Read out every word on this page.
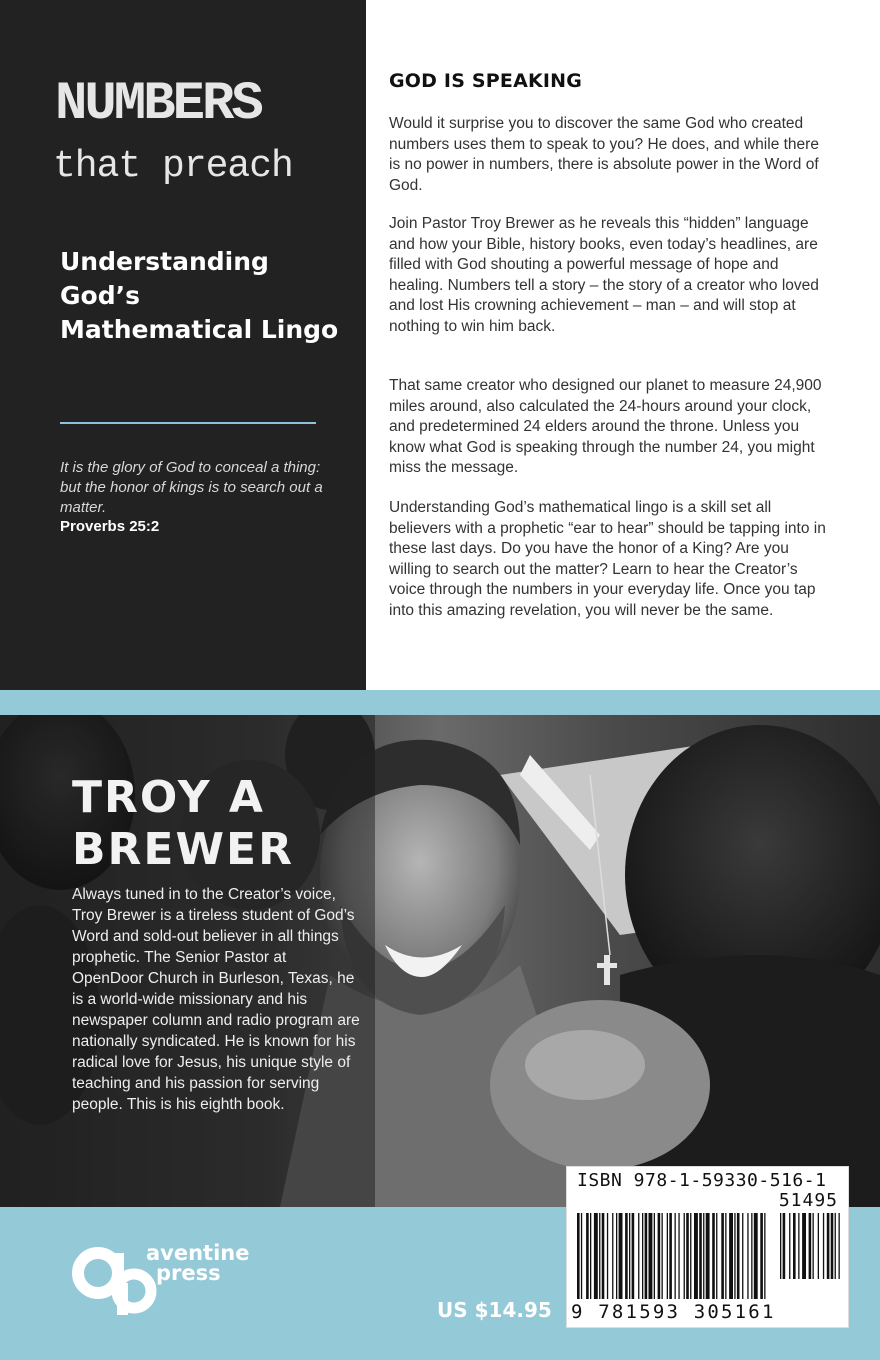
NUMBERS
that preach
Understanding God’s Mathematical Lingo
It is the glory of God to conceal a thing: but the honor of kings is to search out a matter.
Proverbs 25:2
GOD IS SPEAKING

Would it surprise you to discover the same God who created numbers uses them to speak to you? He does, and while there is no power in numbers, there is absolute power in the Word of God.

Join Pastor Troy Brewer as he reveals this “hidden” language and how your Bible, history books, even today’s headlines, are filled with God shouting a powerful message of hope and healing. Numbers tell a story – the story of a creator who loved and lost His crowning achievement – man – and will stop at nothing to win him back.

That same creator who designed our planet to measure 24,900 miles around, also calculated the 24-hours around your clock, and predetermined 24 elders around the throne. Unless you know what God is speaking through the number 24, you might miss the message.

Understanding God’s mathematical lingo is a skill set all believers with a prophetic “ear to hear” should be tapping into in these last days. Do you have the honor of a King? Are you willing to search out the matter? Learn to hear the Creator’s voice through the numbers in your everyday life. Once you tap into this amazing revelation, you will never be the same.

TROY A
BREWER

Always tuned in to the Creator’s voice, Troy Brewer is a tireless student of God’s Word and sold-out believer in all things prophetic. The Senior Pastor at OpenDoor Church in Burleson, Texas, he is a world-wide missionary and his newspaper column and radio program are nationally syndicated. He is known for his radical love for Jesus, his unique style of teaching and his passion for serving people. This is his eighth book.

aventine
press
US $14.95
ISBN 978-1-59330-516-1
51495
9 781593 305161
